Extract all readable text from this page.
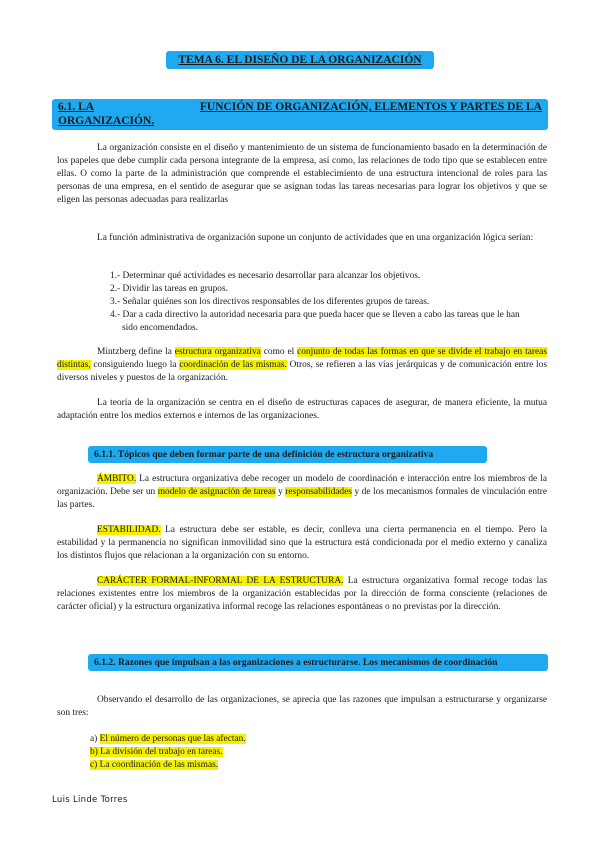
TEMA 6. EL DISEÑO DE LA ORGANIZACIÓN
6.1. LA	FUNCIÓN DE ORGANIZACIÓN, ELEMENTOS Y PARTES DE LA
ORGANIZACIÓN.

La organización consiste en el diseño y mantenimiento de un sistema de funcionamiento basado en la determinación de los papeles que debe cumplir cada persona integrante de la empresa, así como, las relaciones de todo tipo que se establecen entre ellas. O como la parte de la administración que comprende el establecimiento de una estructura intencional de roles para las personas de una empresa, en el sentido de asegurar que se asignan todas las tareas necesarias para lograr los objetivos y que se eligen las personas adecuadas para realizarlas

La función administrativa de organización supone un conjunto de actividades que en una organización lógica serían:

1.- Determinar qué actividades es necesario desarrollar para alcanzar los objetivos.
2.- Dividir las tareas en grupos.
3.- Señalar quiénes son los directivos responsables de los diferentes grupos de tareas.
4.- Dar a cada directivo la autoridad necesaria para que pueda hacer que se lleven a cabo las tareas que le han sido encomendados.

Mintzberg define la estructura organizativa como el conjunto de todas las formas en que se divide el trabajo en tareas distintas, consiguiendo luego la coordinación de las mismas. Otros, se refieren a las vías jerárquicas y de comunicación entre los diversos niveles y puestos de la organización.

La teoría de la organización se centra en el diseño de estructuras capaces de asegurar, de manera eficiente, la mutua adaptación entre los medios externos e internos de las organizaciones.

6.1.1. Tópicos que deben formar parte de una definición de estructura organizativa

ÁMBITO. La estructura organizativa debe recoger un modelo de coordinación e interacción entre los miembros de la organización. Debe ser un modelo de asignación de tareas y responsabilidades y de los mecanismos formales de vinculación entre las partes.

ESTABILIDAD. La estructura debe ser estable, es decir, conlleva una cierta permanencia en el tiempo. Pero la estabilidad y la permanencia no significan inmovilidad sino que la estructura está condicionada por el medio externo y canaliza los distintos flujos que relacionan a la organización con su entorno.

CARÁCTER FORMAL-INFORMAL DE LA ESTRUCTURA. La estructura organizativa formal recoge todas las relaciones existentes entre los miembros de la organización establecidas por la dirección de forma consciente (relaciones de carácter oficial) y la estructura organizativa informal recoge las relaciones espontáneas o no previstas por la dirección.

6.1.2. Razones que impulsan a las organizaciones a estructurarse. Los mecanismos de coordinación

Observando el desarrollo de las organizaciones, se aprecia que las razones que impulsan a estructurarse y organizarse son tres:

a) El número de personas que las afectan.
b) La división del trabajo en tareas.
c) La coordinación de las mismas.
Luis Linde Torres
